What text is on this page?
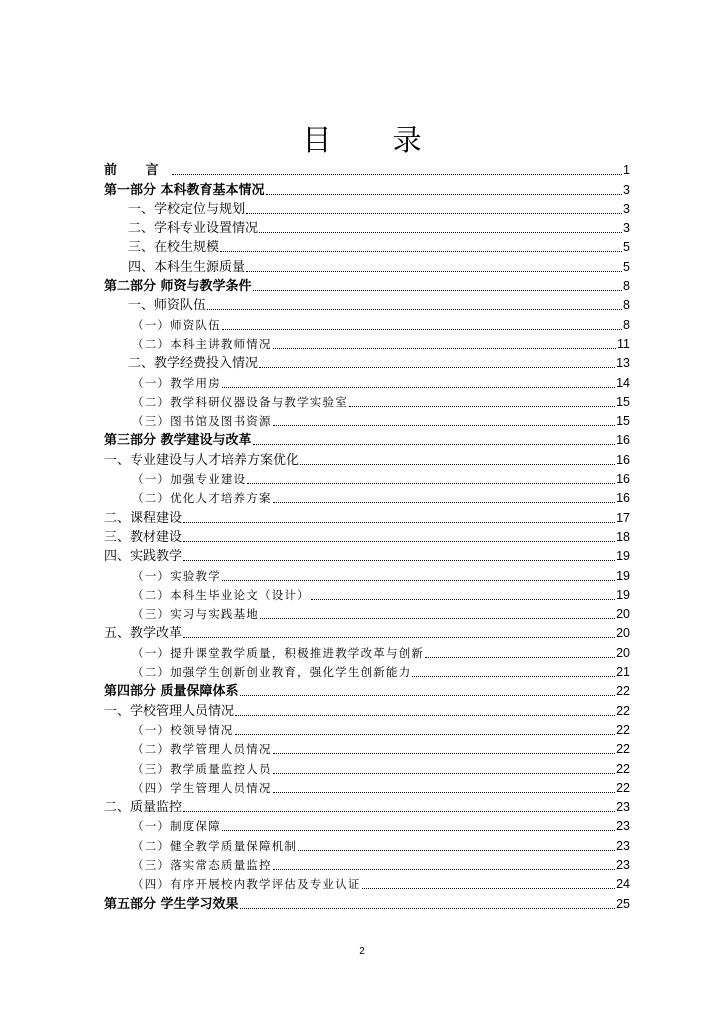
目 录
前 言	1
第一部分 本科教育基本情况	3
一、学校定位与规划	3
二、学科专业设置情况	3
三、在校生规模	5
四、本科生生源质量	5
第二部分 师资与教学条件	8
一、师资队伍	8
（一）师资队伍	8
（二）本科主讲教师情况	11
二、教学经费投入情况	13
（一）教学用房	14
（二）教学科研仪器设备与教学实验室	15
（三）图书馆及图书资源	15
第三部分 教学建设与改革	16
一、专业建设与人才培养方案优化	16
（一）加强专业建设	16
（二）优化人才培养方案	16
二、课程建设	17
三、教材建设	18
四、实践教学	19
（一）实验教学	19
（二）本科生毕业论文（设计）	19
（三）实习与实践基地	20
五、教学改革	20
（一）提升课堂教学质量，积极推进教学改革与创新	20
（二）加强学生创新创业教育，强化学生创新能力	21
第四部分 质量保障体系	22
一、学校管理人员情况	22
（一）校领导情况	22
（二）教学管理人员情况	22
（三）教学质量监控人员	22
（四）学生管理人员情况	22
二、质量监控	23
（一）制度保障	23
（二）健全教学质量保障机制	23
（三）落实常态质量监控	23
（四）有序开展校内教学评估及专业认证	24
第五部分 学生学习效果	25
2
